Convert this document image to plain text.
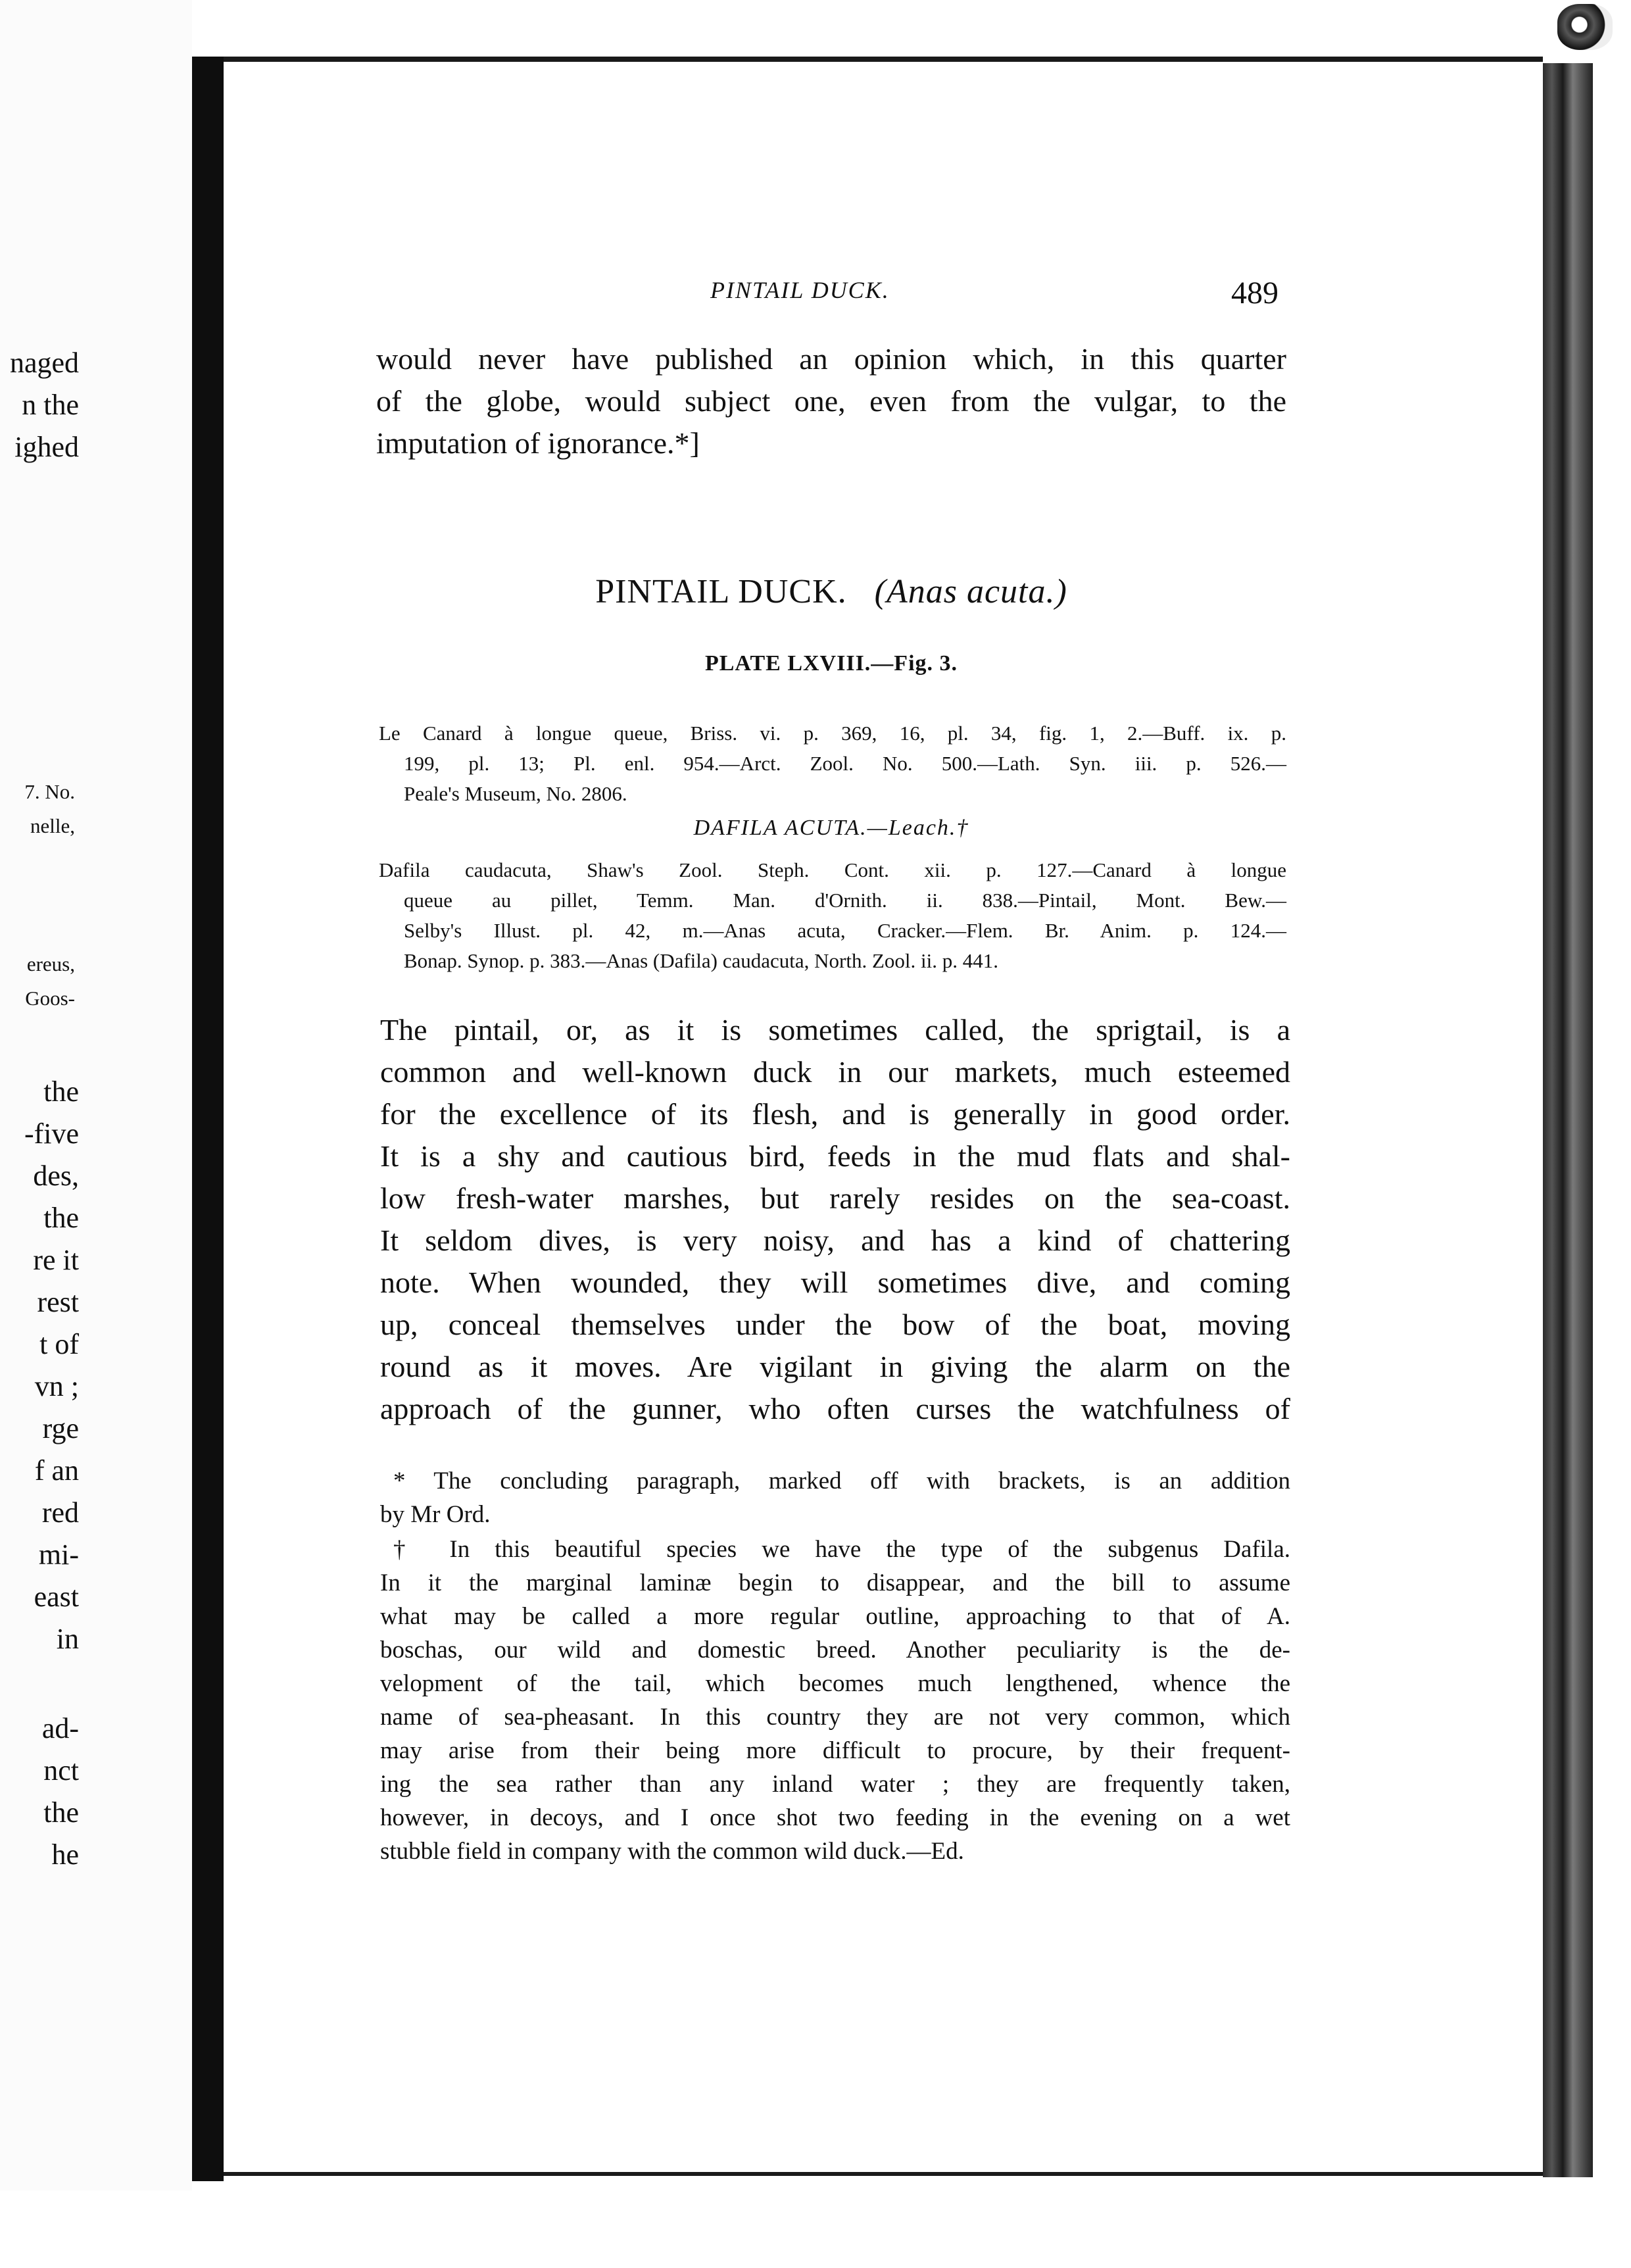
naged
n the
ighed
7. No.
nelle,
ereus,
Goos-
the
-five
des,
the
re it
rest
t of
vn ;
rge
f an
red
mi-
east
in
ad-
nct
the
he
PINTAIL DUCK.	489
would never have published an opinion which, in this quarter
of the globe, would subject one, even from the vulgar, to the
imputation of ignorance.*]
PINTAIL DUCK. (Anas acuta.)
PLATE LXVIII.—Fig. 3.
Le Canard à longue queue, Briss. vi. p. 369, 16, pl. 34, fig. 1, 2.—Buff. ix. p.
199, pl. 13; Pl. enl. 954.—Arct. Zool. No. 500.—Lath. Syn. iii. p. 526.—
Peale's Museum, No. 2806.
DAFILA ACUTA.—Leach.†
Dafila caudacuta, Shaw's Zool. Steph. Cont. xii. p. 127.—Canard à longue
queue au pillet, Temm. Man. d'Ornith. ii. 838.—Pintail, Mont. Bew.—
Selby's Illust. pl. 42, m.—Anas acuta, Cracker.—Flem. Br. Anim. p. 124.—
Bonap. Synop. p. 383.—Anas (Dafila) caudacuta, North. Zool. ii. p. 441.
The pintail, or, as it is sometimes called, the sprigtail, is a
common and well-known duck in our markets, much esteemed
for the excellence of its flesh, and is generally in good order.
It is a shy and cautious bird, feeds in the mud flats and shal-
low fresh-water marshes, but rarely resides on the sea-coast.
It seldom dives, is very noisy, and has a kind of chattering
note. When wounded, they will sometimes dive, and coming
up, conceal themselves under the bow of the boat, moving
round as it moves. Are vigilant in giving the alarm on the
approach of the gunner, who often curses the watchfulness of
* The concluding paragraph, marked off with brackets, is an addition
by Mr Ord.
† In this beautiful species we have the type of the subgenus Dafila.
In it the marginal laminæ begin to disappear, and the bill to assume
what may be called a more regular outline, approaching to that of A.
boschas, our wild and domestic breed. Another peculiarity is the de-
velopment of the tail, which becomes much lengthened, whence the
name of sea-pheasant. In this country they are not very common, which
may arise from their being more difficult to procure, by their frequent-
ing the sea rather than any inland water ; they are frequently taken,
however, in decoys, and I once shot two feeding in the evening on a wet
stubble field in company with the common wild duck.—Ed.
